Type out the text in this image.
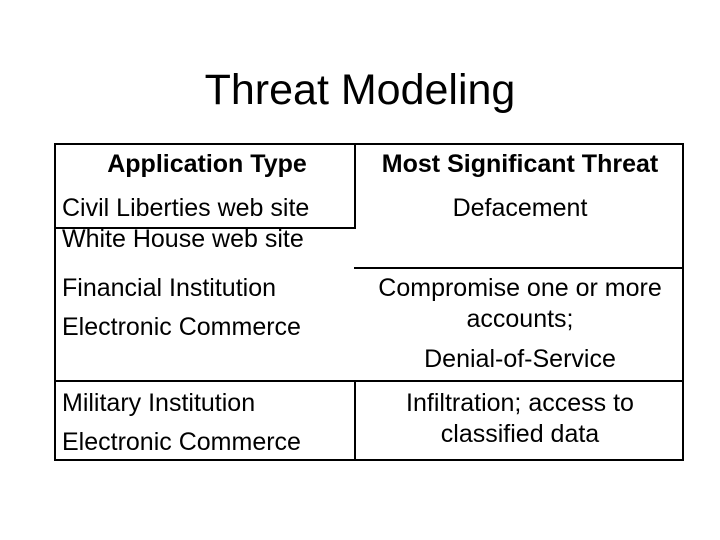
Threat Modeling
Application Type	Most Significant Threat
Civil Liberties web site
White House web site
Defacement
Financial Institution
Electronic Commerce
Compromise one or more
accounts;
Denial-of-Service
Military Institution
Electronic Commerce
Infiltration; access to
classified data
